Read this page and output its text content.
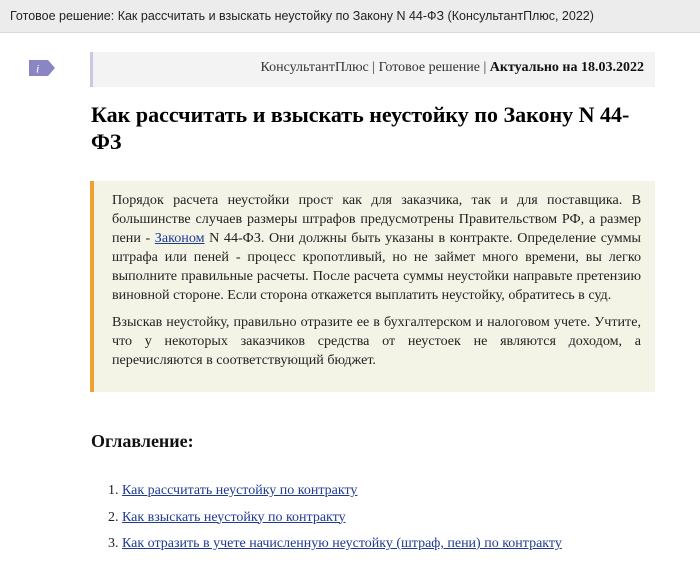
Готовое решение: Как рассчитать и взыскать неустойку по Закону N 44-ФЗ (КонсультантПлюс, 2022)
i	КонсультантПлюс | Готовое решение | Актуально на 18.03.2022
Как рассчитать и взыскать неустойку по Закону N 44-ФЗ

Порядок расчета неустойки прост как для заказчика, так и для поставщика. В большинстве случаев размеры штрафов предусмотрены Правительством РФ, а размер пени - Законом N 44-ФЗ. Они должны быть указаны в контракте. Определение суммы штрафа или пеней - процесс кропотливый, но не займет много времени, вы легко выполните правильные расчеты. После расчета суммы неустойки направьте претензию виновной стороне. Если сторона откажется выплатить неустойку, обратитесь в суд.

Взыскав неустойку, правильно отразите ее в бухгалтерском и налоговом учете. Учтите, что у некоторых заказчиков средства от неустоек не являются доходом, а перечисляются в соответствующий бюджет.

Оглавление:
1. Как рассчитать неустойку по контракту
2. Как взыскать неустойку по контракту
3. Как отразить в учете начисленную неустойку (штраф, пени) по контракту
